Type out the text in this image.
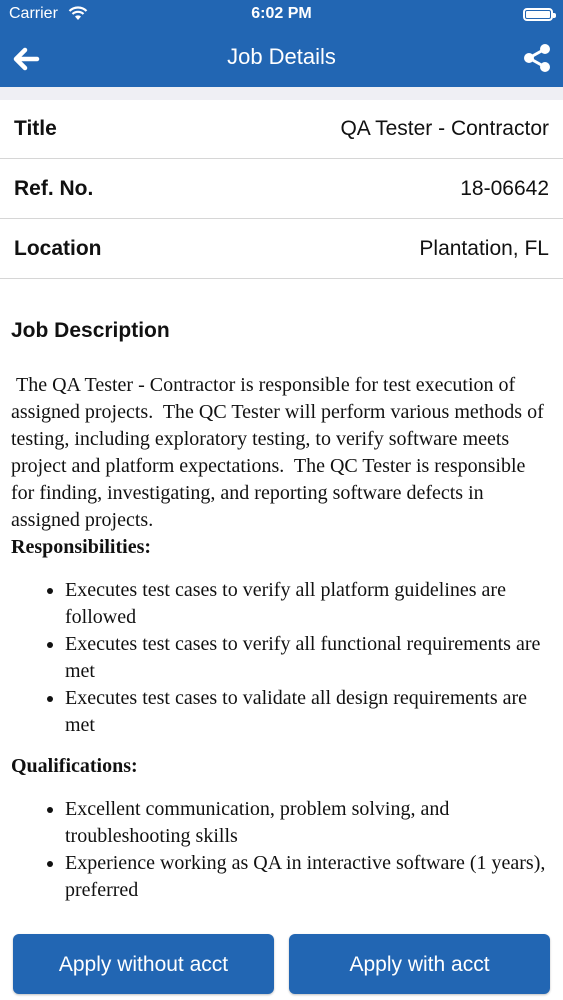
Carrier	6:02 PM
Job Details
Title	QA Tester - Contractor
Ref. No.	18-06642
Location	Plantation, FL
Job Description

The QA Tester - Contractor is responsible for test execution of assigned projects.  The QC Tester will perform various methods of testing, including exploratory testing, to verify software meets project and platform expectations.  The QC Tester is responsible for finding, investigating, and reporting software defects in assigned projects.

Responsibilities:

• Executes test cases to verify all platform guidelines are followed
• Executes test cases to verify all functional requirements are met
• Executes test cases to validate all design requirements are met

Qualifications:

• Excellent communication, problem solving, and troubleshooting skills
• Experience working as QA in interactive software (1 years), preferred
Apply without acct	Apply with acct
